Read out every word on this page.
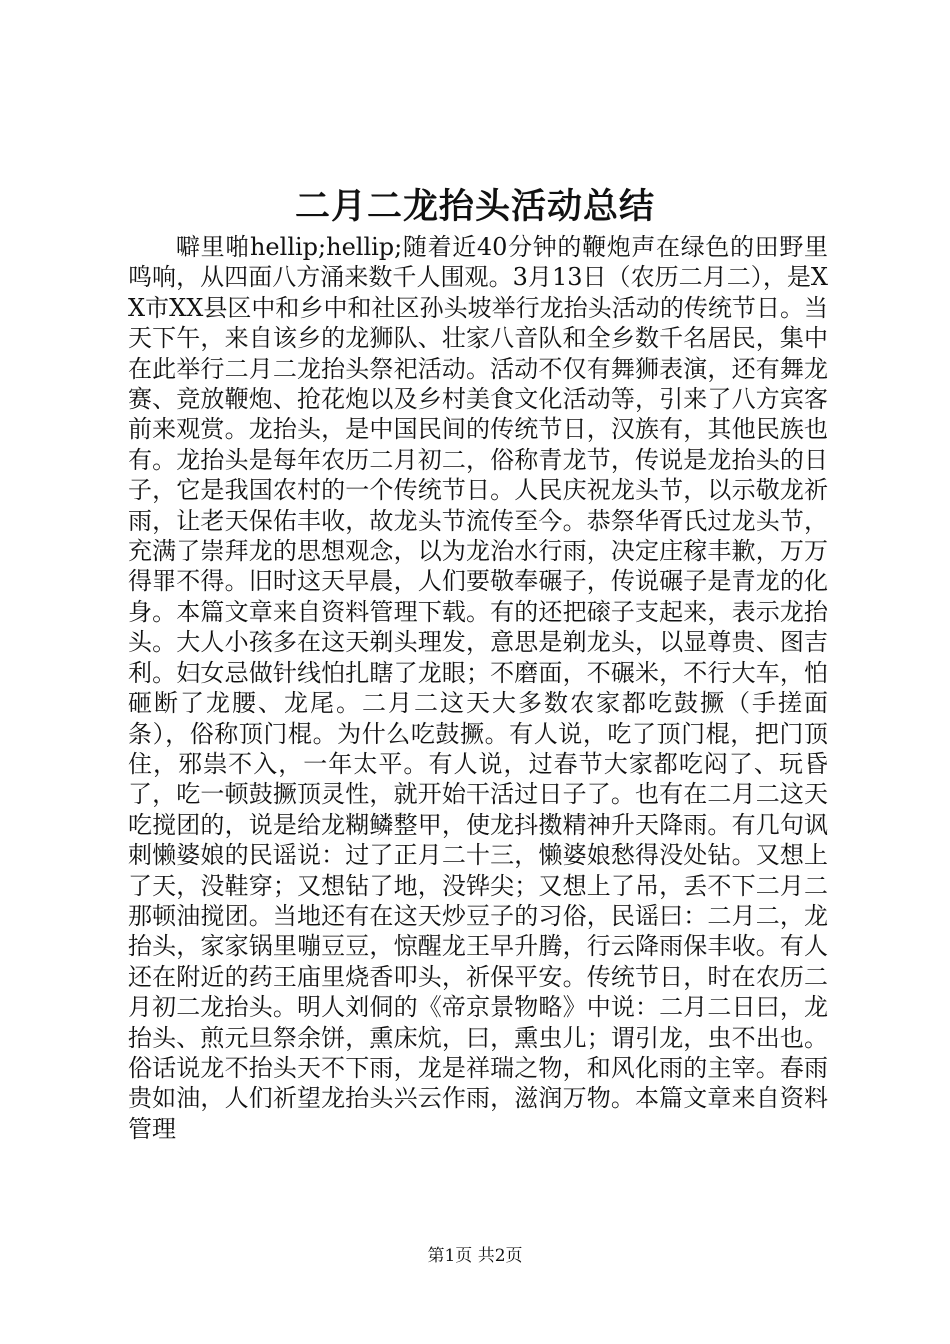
二月二龙抬头活动总结

噼里啪hellip;hellip;随着近40分钟的鞭炮声在绿色的田野里鸣响，从四面八方涌来数千人围观。3月13日（农历二月二），是XX市XX县区中和乡中和社区孙头坡举行龙抬头活动的传统节日。当天下午，来自该乡的龙狮队、壮家八音队和全乡数千名居民，集中在此举行二月二龙抬头祭祀活动。活动不仅有舞狮表演，还有舞龙赛、竞放鞭炮、抢花炮以及乡村美食文化活动等，引来了八方宾客前来观赏。龙抬头，是中国民间的传统节日，汉族有，其他民族也有。龙抬头是每年农历二月初二，俗称青龙节，传说是龙抬头的日子，它是我国农村的一个传统节日。人民庆祝龙头节，以示敬龙祈雨，让老天保佑丰收，故龙头节流传至今。恭祭华胥氏过龙头节，充满了崇拜龙的思想观念，以为龙治水行雨，决定庄稼丰歉，万万得罪不得。旧时这天早晨，人们要敬奉碾子，传说碾子是青龙的化身。本篇文章来自资料管理下载。有的还把磙子支起来，表示龙抬头。大人小孩多在这天剃头理发，意思是剃龙头，以显尊贵、图吉利。妇女忌做针线怕扎瞎了龙眼；不磨面，不碾米，不行大车，怕砸断了龙腰、龙尾。二月二这天大多数农家都吃鼓撅（手搓面条），俗称顶门棍。为什么吃鼓撅。有人说，吃了顶门棍，把门顶住，邪祟不入，一年太平。有人说，过春节大家都吃闷了、玩昏了，吃一顿鼓撅顶灵性，就开始干活过日子了。也有在二月二这天吃搅团的，说是给龙糊鳞整甲，使龙抖擞精神升天降雨。有几句讽刺懒婆娘的民谣说：过了正月二十三，懒婆娘愁得没处钻。又想上了天，没鞋穿；又想钻了地，没铧尖；又想上了吊，丢不下二月二那顿油搅团。当地还有在这天炒豆子的习俗，民谣曰：二月二，龙抬头，家家锅里嘣豆豆，惊醒龙王早升腾，行云降雨保丰收。有人还在附近的药王庙里烧香叩头，祈保平安。传统节日，时在农历二月初二龙抬头。明人刘侗的《帝京景物略》中说：二月二日曰，龙抬头、煎元旦祭余饼，熏床炕，曰，熏虫儿；谓引龙，虫不出也。俗话说龙不抬头天不下雨，龙是祥瑞之物，和风化雨的主宰。春雨贵如油，人们祈望龙抬头兴云作雨，滋润万物。本篇文章来自资料管理

第1页 共2页
